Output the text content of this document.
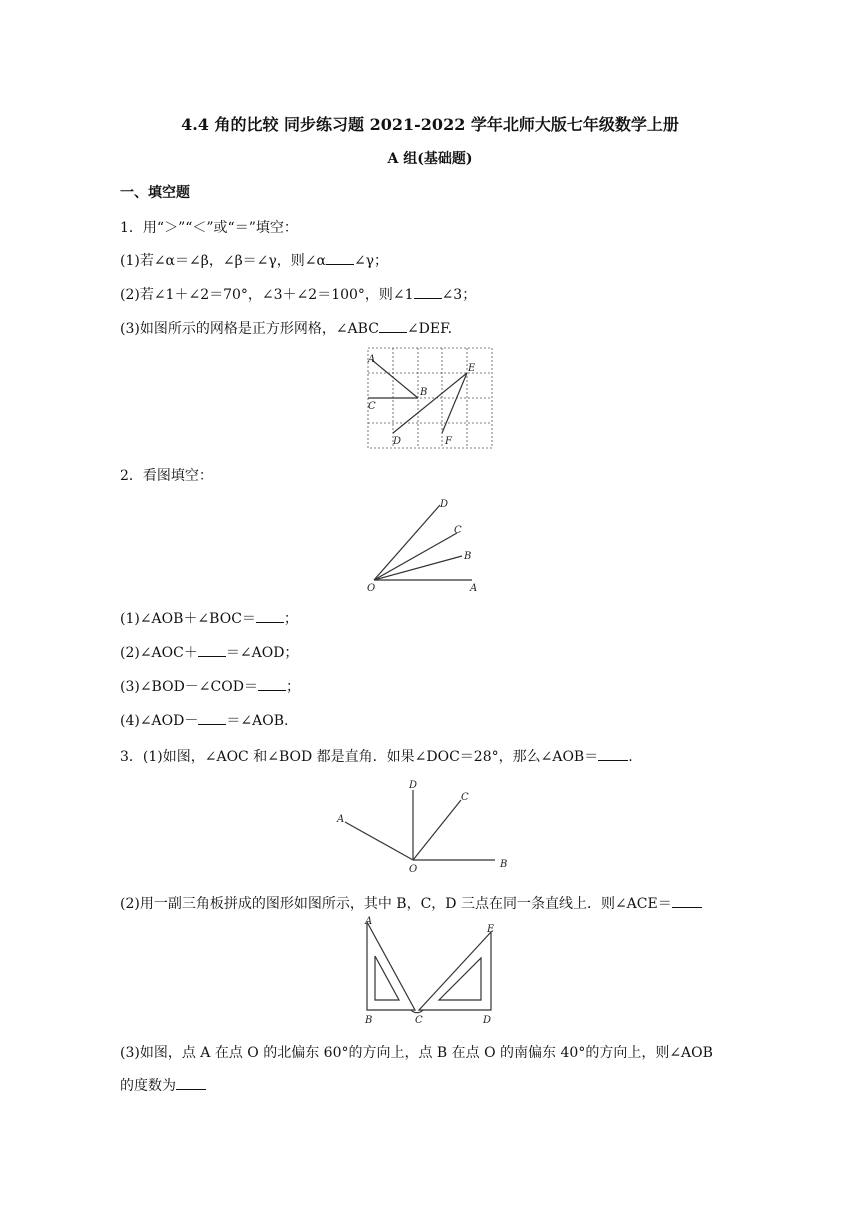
4.4 角的比较 同步练习题 2021-2022 学年北师大版七年级数学上册
A 组(基础题)
一、填空题
1．用“＞”“＜”或“＝”填空：
(1)若∠α＝∠β，∠β＝∠γ，则∠α ∠γ；
(2)若∠1＋∠2＝70°，∠3＋∠2＝100°，则∠1 ∠3；
(3)如图所示的网格是正方形网格，∠ABC ∠DEF.
A
B
C
D
E
F
2．看图填空：
O	A
B
C
D
(1)∠AOB＋∠BOC＝ ；
(2)∠AOC＋ ＝∠AOD；
(3)∠BOD－∠COD＝ ；
(4)∠AOD－ ＝∠AOB.
3．(1)如图，∠AOC 和∠BOD 都是直角．如果∠DOC＝28°，那么∠AOB＝ .
O	B
D
C
A
(2)用一副三角板拼成的图形如图所示，其中 B，C，D 三点在同一条直线上．则∠ACE＝
A
B	C	D
E
(3)如图，点 A 在点 O 的北偏东 60°的方向上，点 B 在点 O 的南偏东 40°的方向上，则∠AOB
的度数为
